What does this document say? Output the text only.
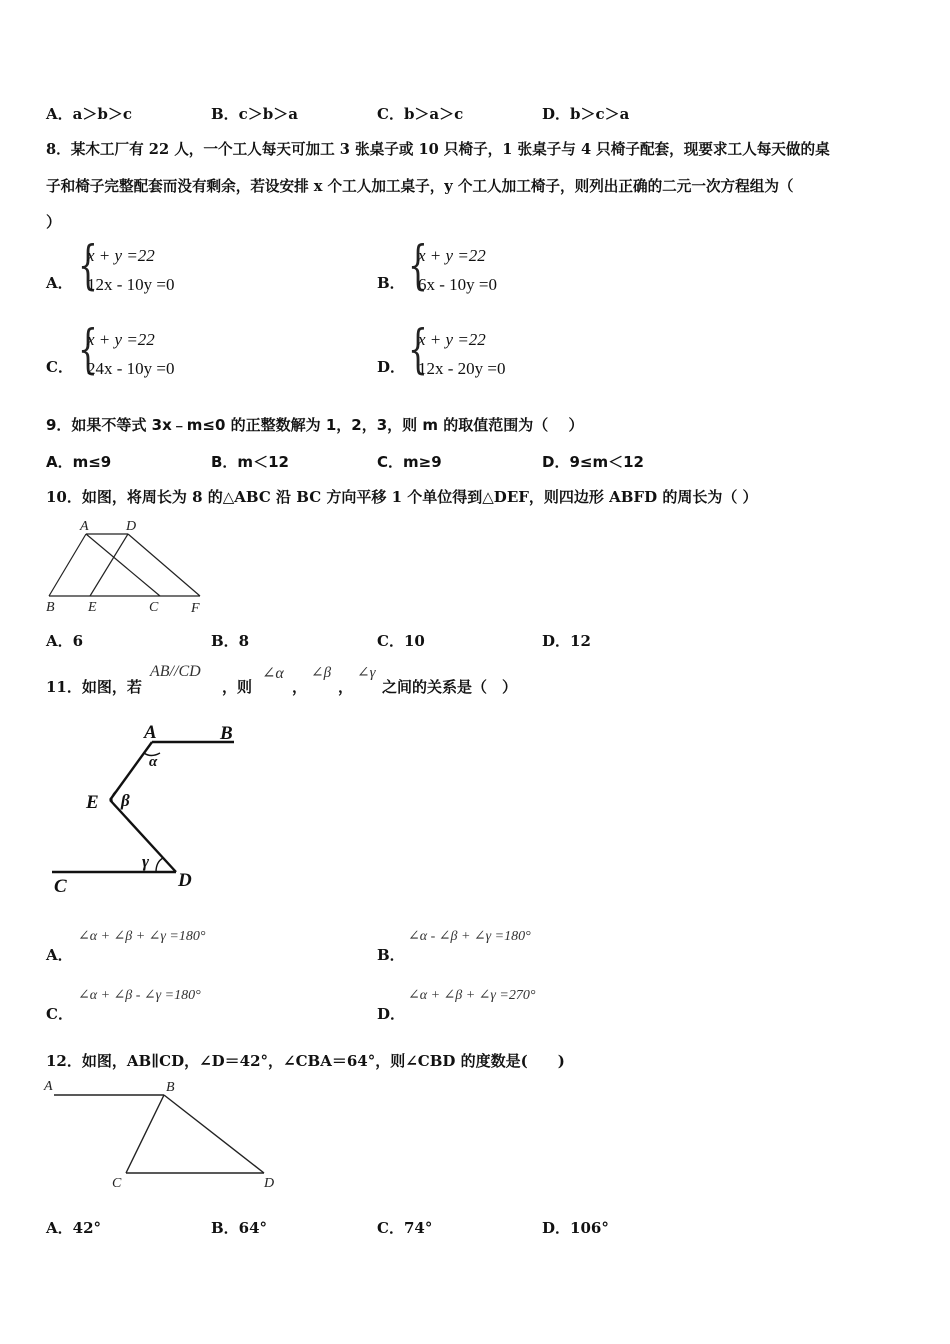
A．a＞b＞c	B．c＞b＞a	C．b＞a＞c	D．b＞c＞a
8．某木工厂有 22 人，一个工人每天可加工 3 张桌子或 10 只椅子，1 张桌子与 4 只椅子配套，现要求工人每天做的桌
子和椅子完整配套而没有剩余，若设安排 x 个工人加工桌子，y 个工人加工椅子，则列出正确的二元一次方程组为（
）
A． {
x + y =22
12x - 10y =0	B． {
x + y =22
6x - 10y =0
C． {
x + y =22
24x - 10y =0	D． {
x + y =22
12x - 20y =0
9．如果不等式 3x﹣m≤0 的正整数解为 1，2，3，则 m 的取值范围为（　 ）
A．m≤9	B．m＜12	C．m≥9	D．9≤m＜12
10．如图，将周长为 8 的△ABC 沿 BC 方向平移 1 个单位得到△DEF，则四边形 ABFD 的周长为（ ）
A	D
B E	C F
A．6	B．8	C．10	D．12
11．如图，若
AB//CD
，则
∠α
，
∠β
，
∠γ
之间的关系是（　）
A	B
α
E β
γ
C	D
A．
∠α + ∠β + ∠γ =180°
B．
∠α - ∠β + ∠γ =180°
C．
∠α + ∠β - ∠γ =180°
D．
∠α + ∠β + ∠γ =270°
12．如图，AB∥CD，∠D＝42°，∠CBA＝64°，则∠CBD 的度数是(　　)
A	B
C	D
A．42°	B．64°	C．74°	D．106°
